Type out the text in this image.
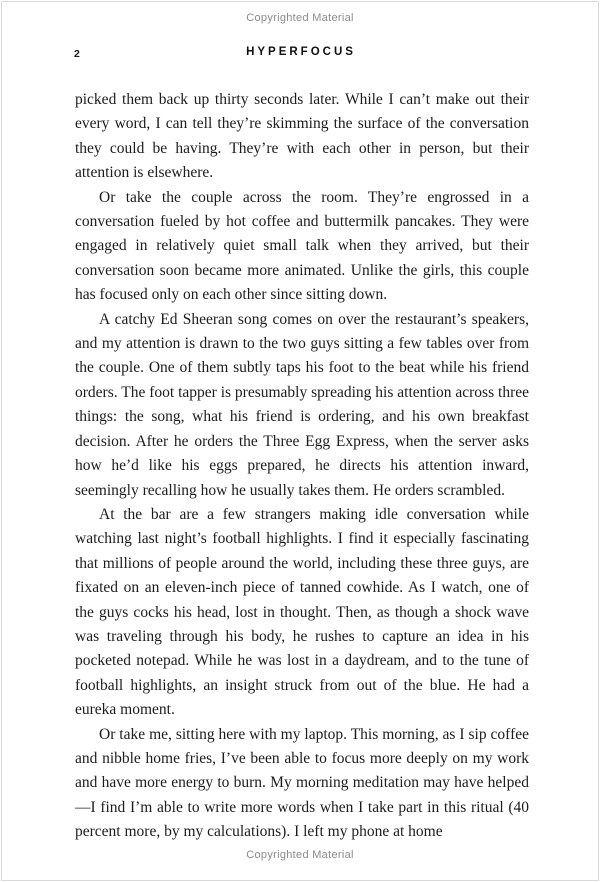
Copyrighted Material
2	HYPERFOCUS

picked them back up thirty seconds later. While I can’t make out their every word, I can tell they’re skimming the surface of the conversation they could be having. They’re with each other in person, but their attention is elsewhere.

Or take the couple across the room. They’re engrossed in a conversation fueled by hot coffee and buttermilk pancakes. They were engaged in relatively quiet small talk when they arrived, but their conversation soon became more animated. Unlike the girls, this couple has focused only on each other since sitting down.

A catchy Ed Sheeran song comes on over the restaurant’s speakers, and my attention is drawn to the two guys sitting a few tables over from the couple. One of them subtly taps his foot to the beat while his friend orders. The foot tapper is presumably spreading his attention across three things: the song, what his friend is ordering, and his own breakfast decision. After he orders the Three Egg Express, when the server asks how he’d like his eggs prepared, he directs his attention inward, seemingly recalling how he usually takes them. He orders scrambled.

At the bar are a few strangers making idle conversation while watching last night’s football highlights. I find it especially fascinating that millions of people around the world, including these three guys, are fixated on an eleven-inch piece of tanned cowhide. As I watch, one of the guys cocks his head, lost in thought. Then, as though a shock wave was traveling through his body, he rushes to capture an idea in his pocketed notepad. While he was lost in a daydream, and to the tune of football highlights, an insight struck from out of the blue. He had a eureka moment.

Or take me, sitting here with my laptop. This morning, as I sip coffee and nibble home fries, I’ve been able to focus more deeply on my work and have more energy to burn. My morning meditation may have helped—I find I’m able to write more words when I take part in this ritual (40 percent more, by my calculations). I left my phone at home

Copyrighted Material
